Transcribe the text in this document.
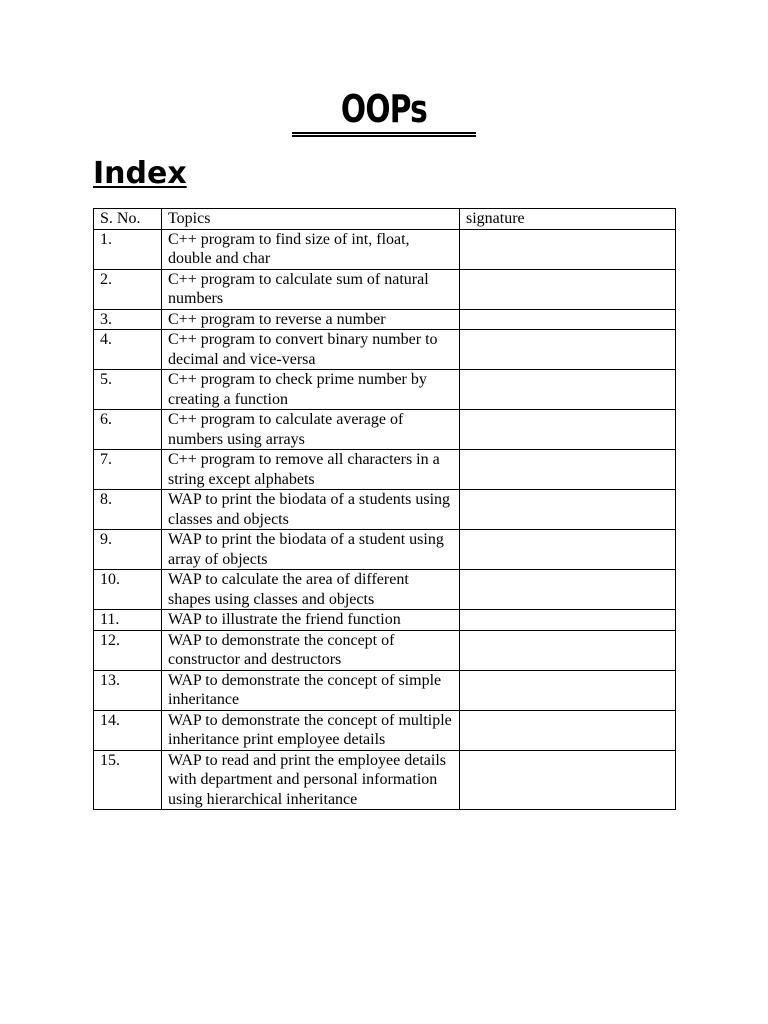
OOPs
Index
S. No.	Topics	signature
1.	C++ program to find size of int, float, double and char	
2.	C++ program to calculate sum of natural numbers	
3.	C++ program to reverse a number	
4.	C++ program to convert binary number to decimal and vice-versa	
5.	C++ program to check prime number by creating a function	
6.	C++ program to calculate average of numbers using arrays	
7.	C++ program to remove all characters in a string except alphabets	
8.	WAP to print the biodata of a students using classes and objects	
9.	WAP to print the biodata of a student using array of objects	
10.	WAP to calculate the area of different shapes using classes and objects	
11.	WAP to illustrate the friend function	
12.	WAP to demonstrate the concept of constructor and destructors	
13.	WAP to demonstrate the concept of simple inheritance	
14.	WAP to demonstrate the concept of multiple inheritance print employee details	
15.	WAP to read and print the employee details with department and personal information using hierarchical inheritance	
